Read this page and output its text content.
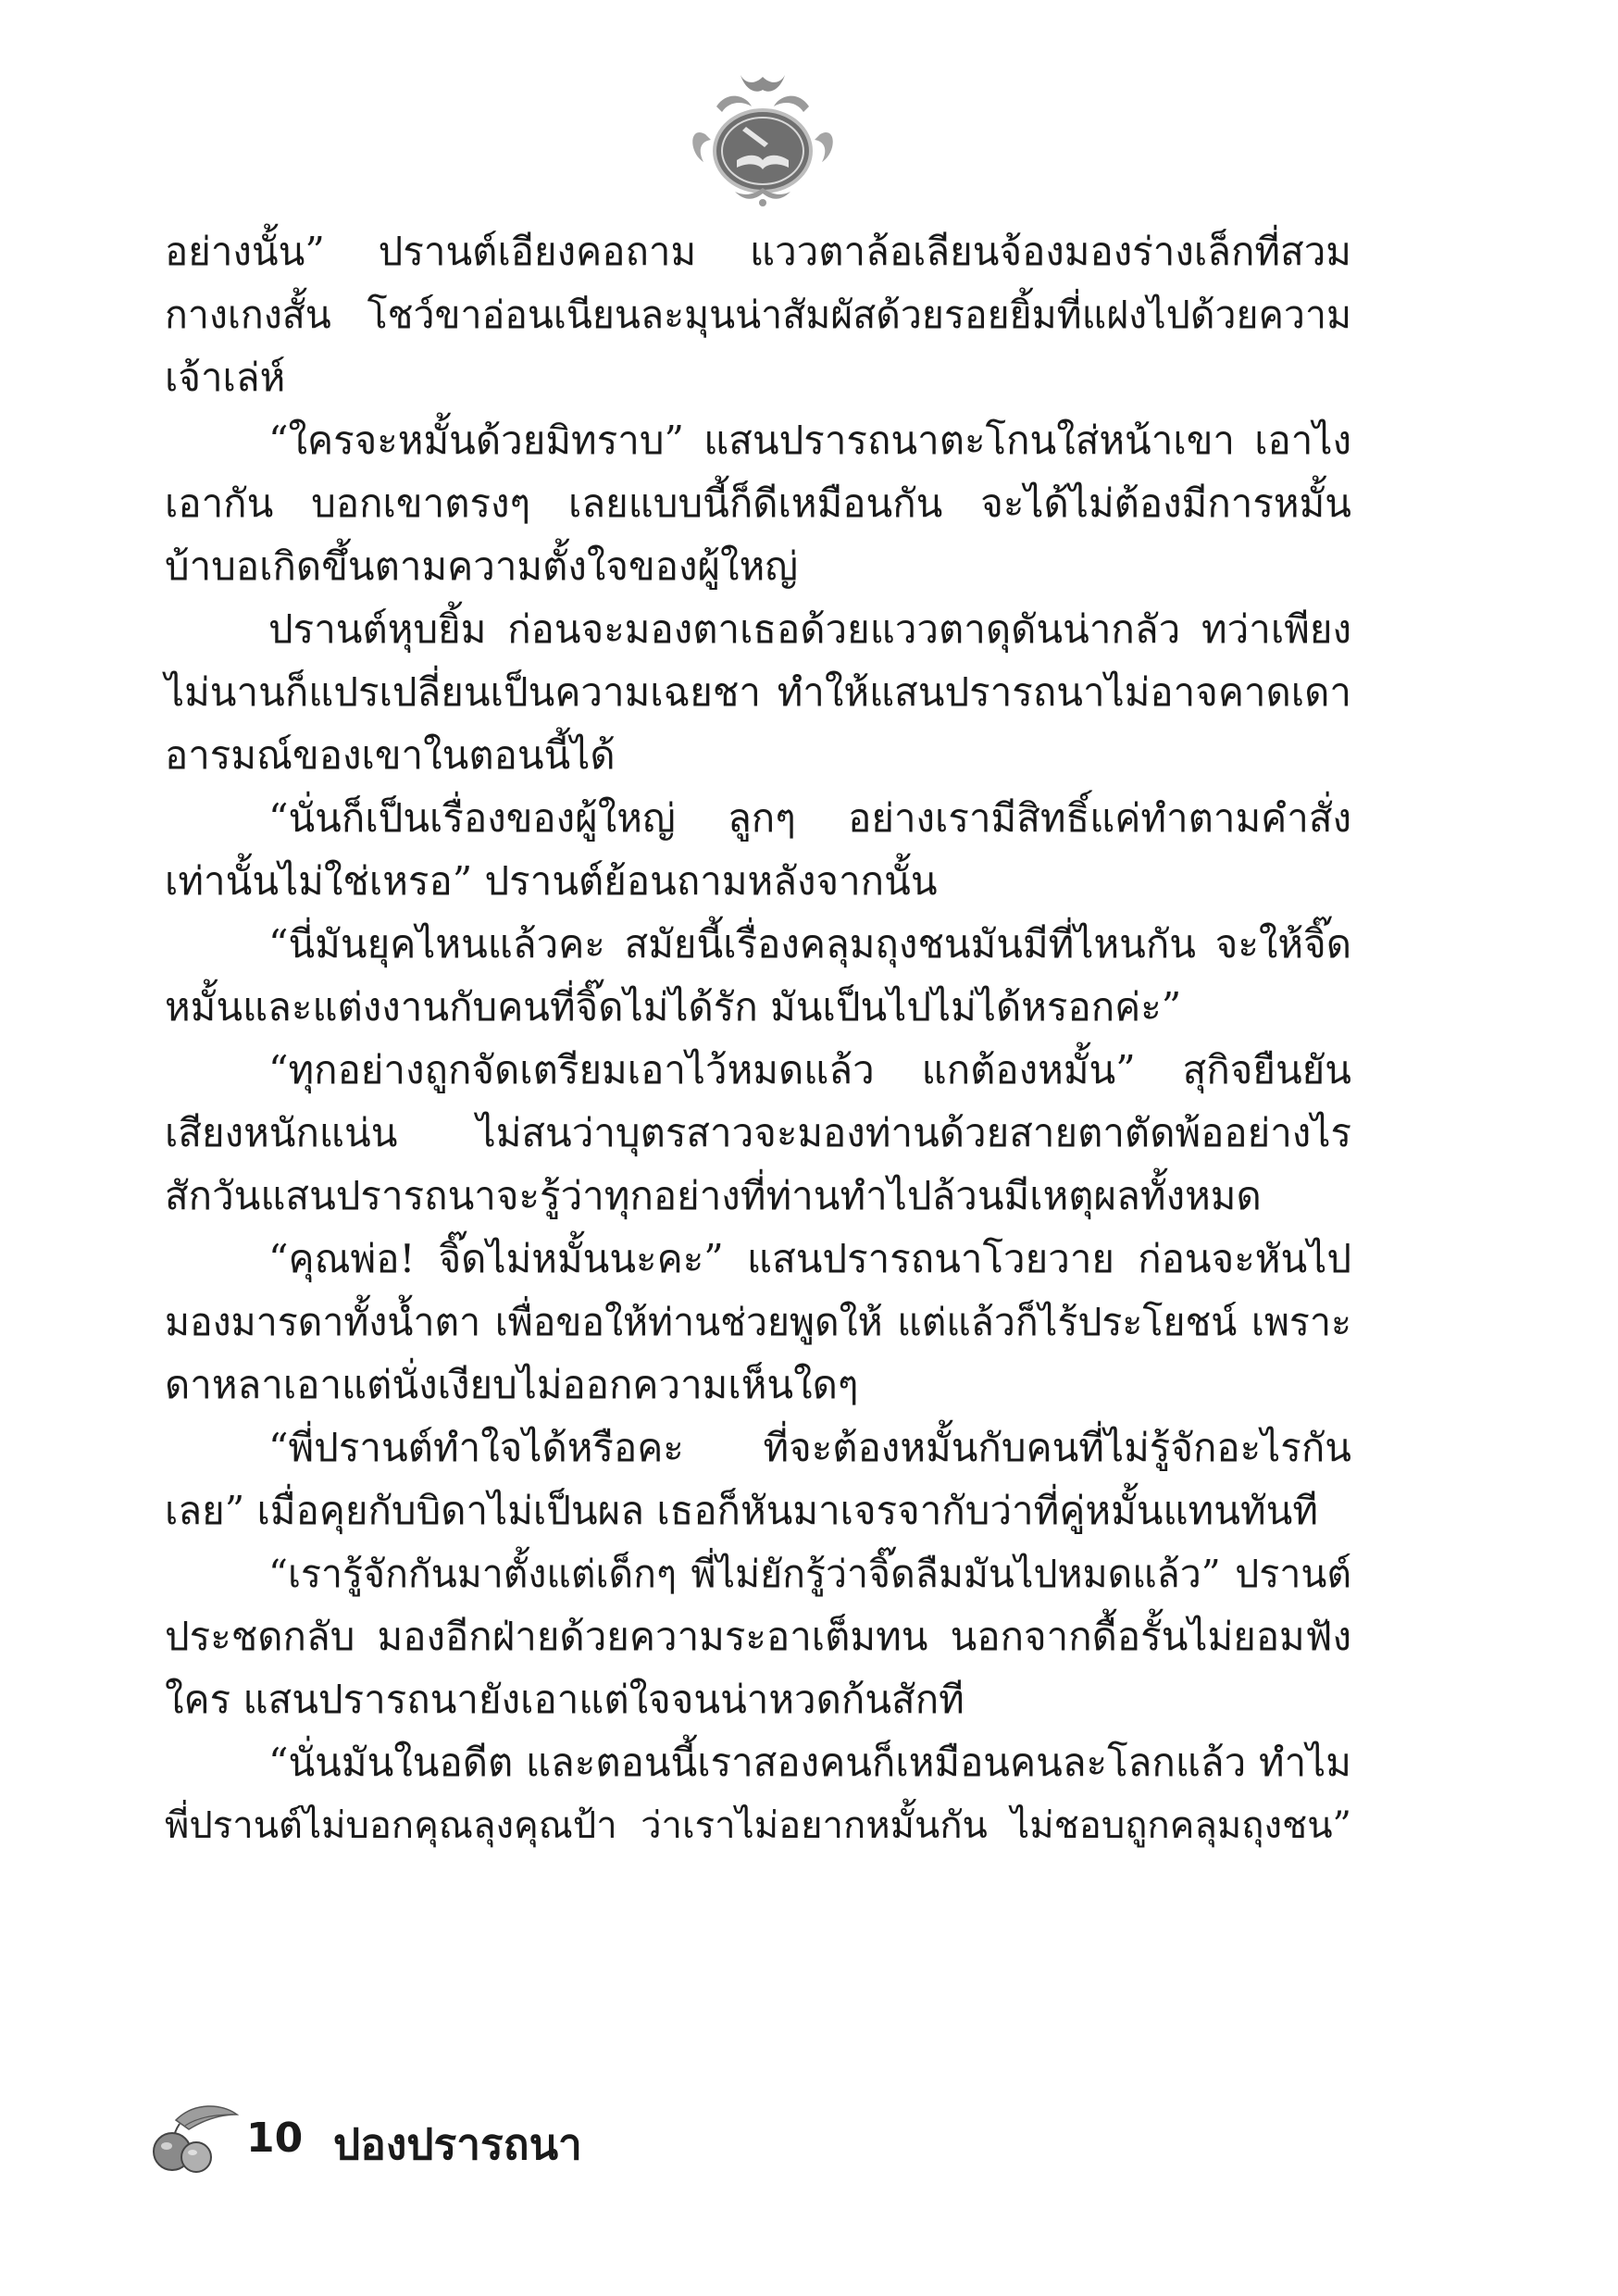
อย่างนั้น” ปรานต์เอียงคอถาม แววตาล้อเลียนจ้องมองร่างเล็กที่สวม
กางเกงสั้น โชว์ขาอ่อนเนียนละมุนน่าสัมผัสด้วยรอยยิ้มที่แฝงไปด้วยความ
เจ้าเล่ห์
“ใครจะหมั้นด้วยมิทราบ” แสนปรารถนาตะโกนใส่หน้าเขา เอาไง
เอากัน บอกเขาตรงๆ เลยแบบนี้ก็ดีเหมือนกัน จะได้ไม่ต้องมีการหมั้น
บ้าบอเกิดขึ้นตามความตั้งใจของผู้ใหญ่
ปรานต์หุบยิ้ม ก่อนจะมองตาเธอด้วยแววตาดุดันน่ากลัว ทว่าเพียง
ไม่นานก็แปรเปลี่ยนเป็นความเฉยชา ทำให้แสนปรารถนาไม่อาจคาดเดา
อารมณ์ของเขาในตอนนี้ได้
“นั่นก็เป็นเรื่องของผู้ใหญ่ ลูกๆ อย่างเรามีสิทธิ์แค่ทำตามคำสั่ง
เท่านั้นไม่ใช่เหรอ” ปรานต์ย้อนถามหลังจากนั้น
“นี่มันยุคไหนแล้วคะ สมัยนี้เรื่องคลุมถุงชนมันมีที่ไหนกัน จะให้จิ๊ด
หมั้นและแต่งงานกับคนที่จิ๊ดไม่ได้รัก มันเป็นไปไม่ได้หรอกค่ะ”
“ทุกอย่างถูกจัดเตรียมเอาไว้หมดแล้ว แกต้องหมั้น” สุกิจยืนยัน
เสียงหนักแน่น ไม่สนว่าบุตรสาวจะมองท่านด้วยสายตาตัดพ้ออย่างไร
สักวันแสนปรารถนาจะรู้ว่าทุกอย่างที่ท่านทำไปล้วนมีเหตุผลทั้งหมด
“คุณพ่อ! จิ๊ดไม่หมั้นนะคะ” แสนปรารถนาโวยวาย ก่อนจะหันไป
มองมารดาทั้งน้ำตา เพื่อขอให้ท่านช่วยพูดให้ แต่แล้วก็ไร้ประโยชน์ เพราะ
ดาหลาเอาแต่นั่งเงียบไม่ออกความเห็นใดๆ
“พี่ปรานต์ทำใจได้หรือคะ ที่จะต้องหมั้นกับคนที่ไม่รู้จักอะไรกัน
เลย” เมื่อคุยกับบิดาไม่เป็นผล เธอก็หันมาเจรจากับว่าที่คู่หมั้นแทนทันที
“เรารู้จักกันมาตั้งแต่เด็กๆ พี่ไม่ยักรู้ว่าจิ๊ดลืมมันไปหมดแล้ว” ปรานต์
ประชดกลับ มองอีกฝ่ายด้วยความระอาเต็มทน นอกจากดื้อรั้นไม่ยอมฟัง
ใคร แสนปรารถนายังเอาแต่ใจจนน่าหวดก้นสักที
“นั่นมันในอดีต และตอนนี้เราสองคนก็เหมือนคนละโลกแล้ว ทำไม
พี่ปรานต์ไม่บอกคุณลุงคุณป้า ว่าเราไม่อยากหมั้นกัน ไม่ชอบถูกคลุมถุงชน”
10 ปองปรารถนา
